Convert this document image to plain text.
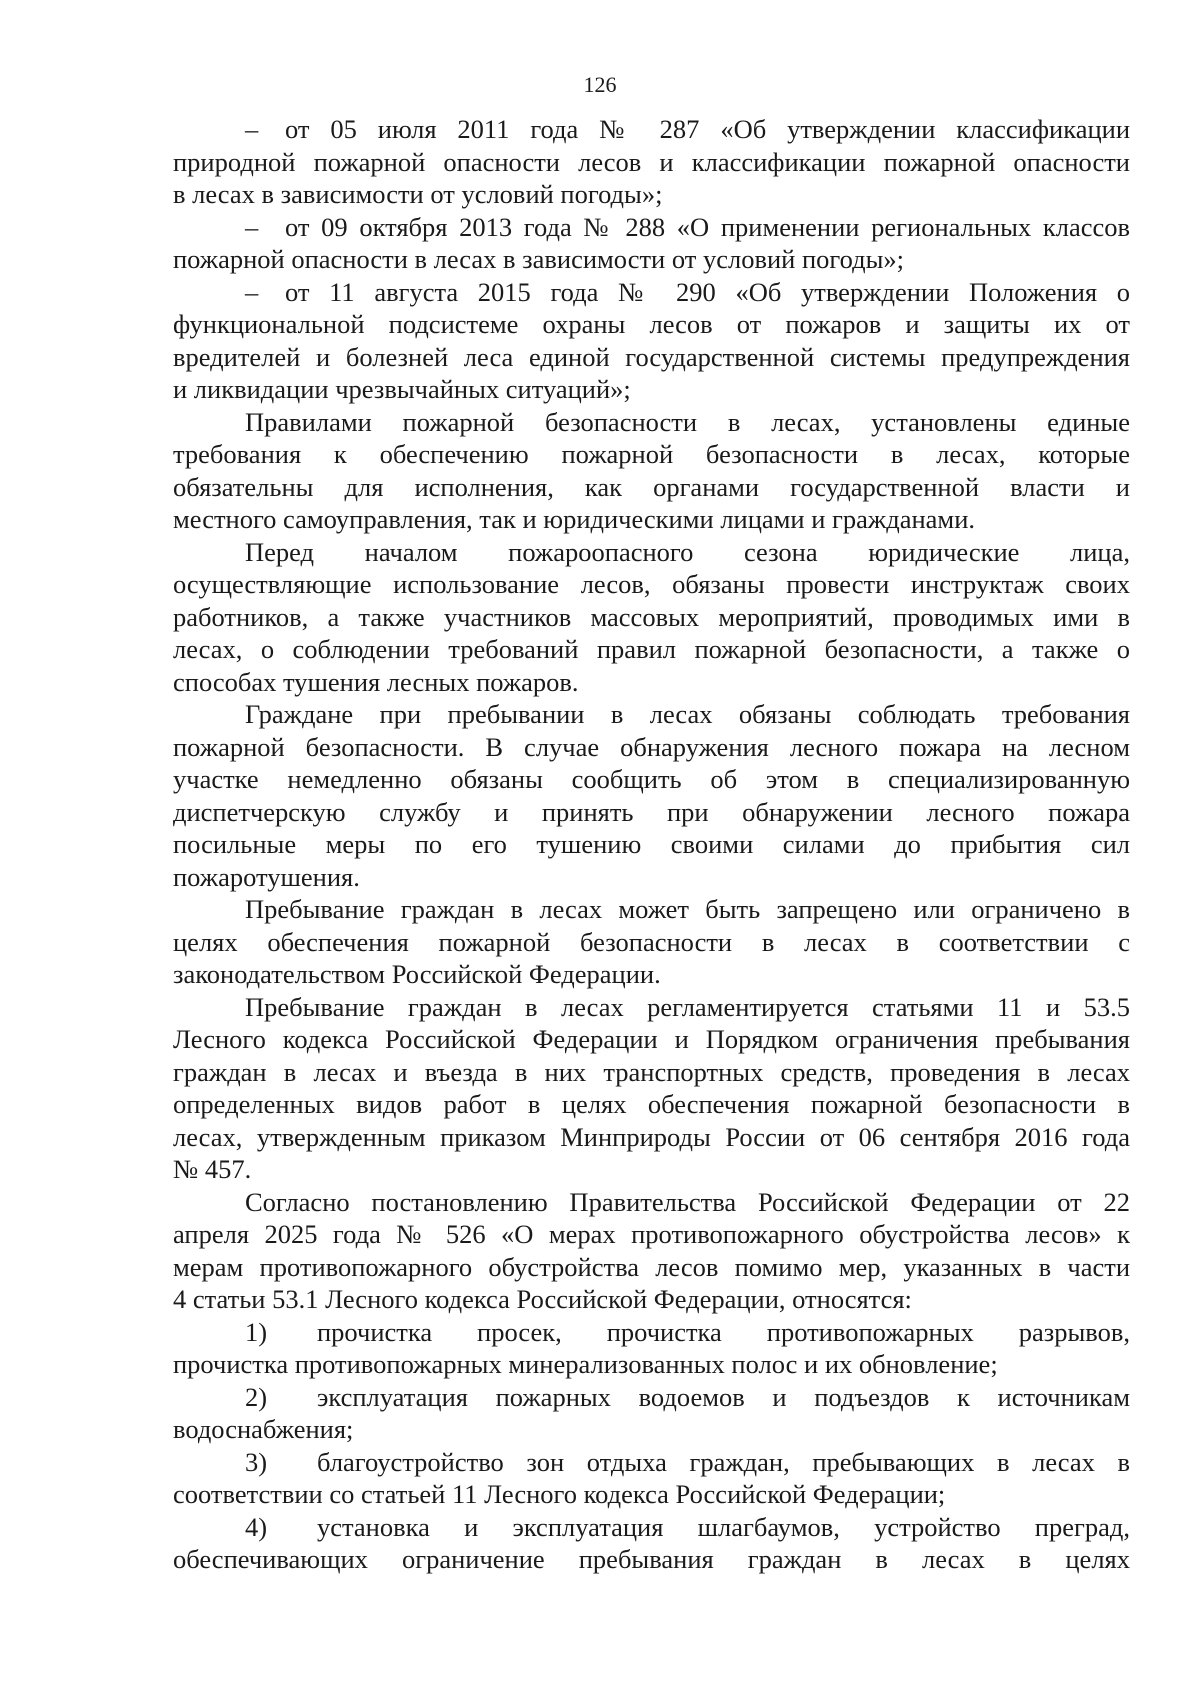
126
– от 05 июля 2011 года № 287 «Об утверждении классификации
природной пожарной опасности лесов и классификации пожарной опасности
в лесах в зависимости от условий погоды»;
– от 09 октября 2013 года № 288 «О применении региональных классов
пожарной опасности в лесах в зависимости от условий погоды»;
– от 11 августа 2015 года № 290 «Об утверждении Положения о
функциональной подсистеме охраны лесов от пожаров и защиты их от
вредителей и болезней леса единой государственной системы предупреждения
и ликвидации чрезвычайных ситуаций»;
Правилами пожарной безопасности в лесах, установлены единые
требования к обеспечению пожарной безопасности в лесах, которые
обязательны для исполнения, как органами государственной власти и
местного самоуправления, так и юридическими лицами и гражданами.
Перед началом пожароопасного сезона юридические лица,
осуществляющие использование лесов, обязаны провести инструктаж своих
работников, а также участников массовых мероприятий, проводимых ими в
лесах, о соблюдении требований правил пожарной безопасности, а также о
способах тушения лесных пожаров.
Граждане при пребывании в лесах обязаны соблюдать требования
пожарной безопасности. В случае обнаружения лесного пожара на лесном
участке немедленно обязаны сообщить об этом в специализированную
диспетчерскую службу и принять при обнаружении лесного пожара
посильные меры по его тушению своими силами до прибытия сил
пожаротушения.
Пребывание граждан в лесах может быть запрещено или ограничено в
целях обеспечения пожарной безопасности в лесах в соответствии с
законодательством Российской Федерации.
Пребывание граждан в лесах регламентируется статьями 11 и 53.5
Лесного кодекса Российской Федерации и Порядком ограничения пребывания
граждан в лесах и въезда в них транспортных средств, проведения в лесах
определенных видов работ в целях обеспечения пожарной безопасности в
лесах, утвержденным приказом Минприроды России от 06 сентября 2016 года
№ 457.
Согласно постановлению Правительства Российской Федерации от 22
апреля 2025 года № 526 «О мерах противопожарного обустройства лесов» к
мерам противопожарного обустройства лесов помимо мер, указанных в части
4 статьи 53.1 Лесного кодекса Российской Федерации, относятся:
1) прочистка просек, прочистка противопожарных разрывов,
прочистка противопожарных минерализованных полос и их обновление;
2) эксплуатация пожарных водоемов и подъездов к источникам
водоснабжения;
3) благоустройство зон отдыха граждан, пребывающих в лесах в
соответствии со статьей 11 Лесного кодекса Российской Федерации;
4) установка и эксплуатация шлагбаумов, устройство преград,
обеспечивающих ограничение пребывания граждан в лесах в целях
